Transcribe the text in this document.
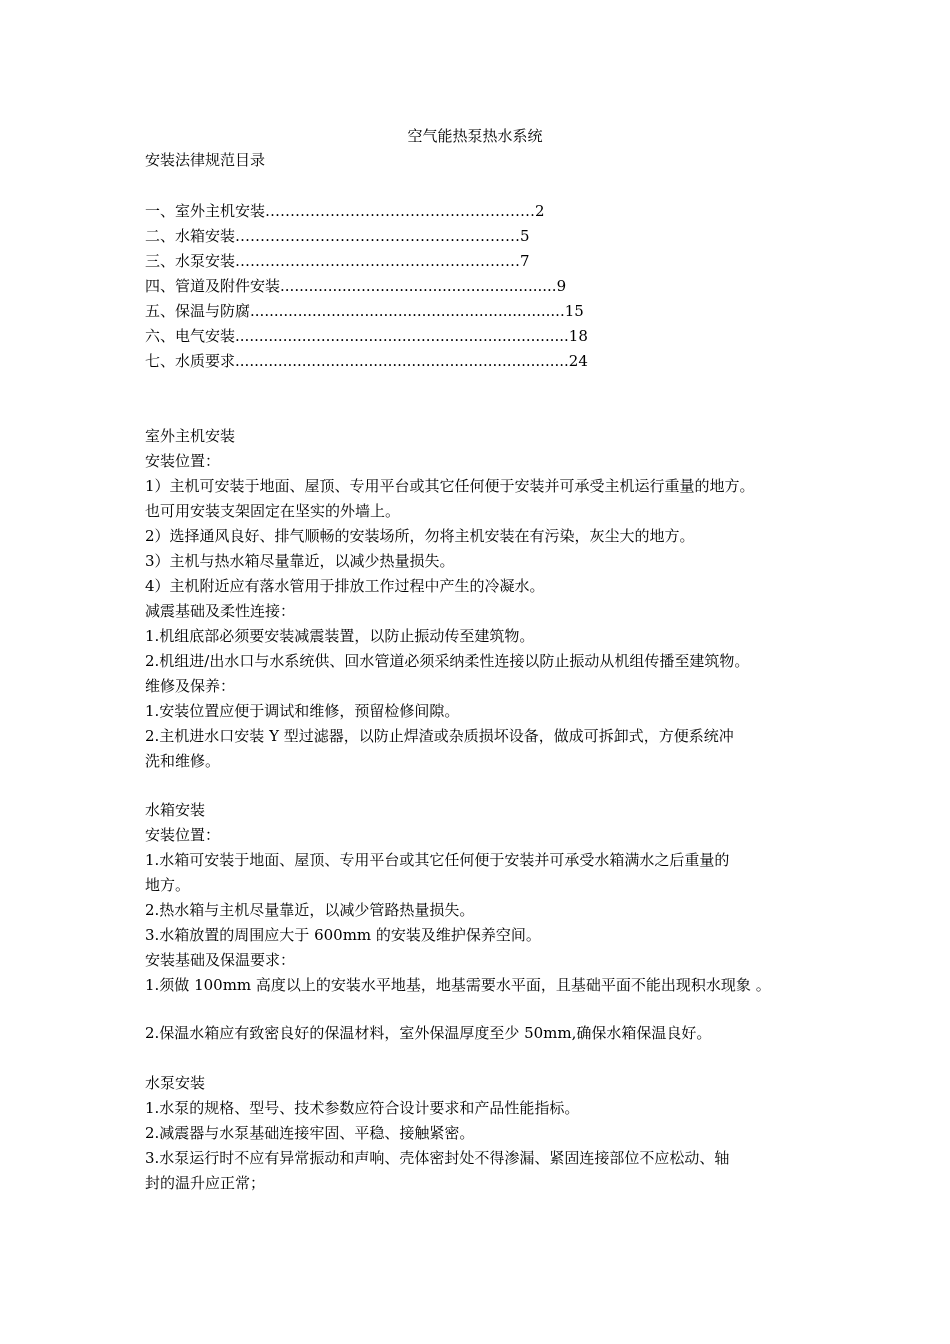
空气能热泵热水系统
安装法律规范目录
一、室外主机安装………………………………………………2
二、水箱安装…………………………………………………5
三、水泵安装…………………………………………………7
四、管道及附件安装..........................................................9
五、保温与防腐..................................................................15
六、电气安装......................................................................18
七、水质要求......................................................................24
室外主机安装
安装位置：
1）主机可安装于地面、屋顶、专用平台或其它任何便于安装并可承受主机运行重量的地方。
也可用安装支架固定在坚实的外墙上。
2）选择通风良好、排气顺畅的安装场所，勿将主机安装在有污染，灰尘大的地方。
3）主机与热水箱尽量靠近，以减少热量损失。
4）主机附近应有落水管用于排放工作过程中产生的冷凝水。
减震基础及柔性连接：
1.机组底部必须要安装减震装置，以防止振动传至建筑物。
2.机组进/出水口与水系统供、回水管道必须采纳柔性连接以防止振动从机组传播至建筑物。
维修及保养：
1.安装位置应便于调试和维修，预留检修间隙。
2.主机进水口安装 Y 型过滤器，以防止焊渣或杂质损坏设备，做成可拆卸式，方便系统冲
洗和维修。
水箱安装
安装位置：
1.水箱可安装于地面、屋顶、专用平台或其它任何便于安装并可承受水箱满水之后重量的
地方。
2.热水箱与主机尽量靠近，以减少管路热量损失。
3.水箱放置的周围应大于 600mm 的安装及维护保养空间。
安装基础及保温要求：
1.须做 100mm 高度以上的安装水平地基，地基需要水平面，且基础平面不能出现积水现象 。
2.保温水箱应有致密良好的保温材料，室外保温厚度至少 50mm,确保水箱保温良好。
水泵安装
1.水泵的规格、型号、技术参数应符合设计要求和产品性能指标。
2.减震器与水泵基础连接牢固、平稳、接触紧密。
3.水泵运行时不应有异常振动和声响、壳体密封处不得渗漏、紧固连接部位不应松动、轴
封的温升应正常；
